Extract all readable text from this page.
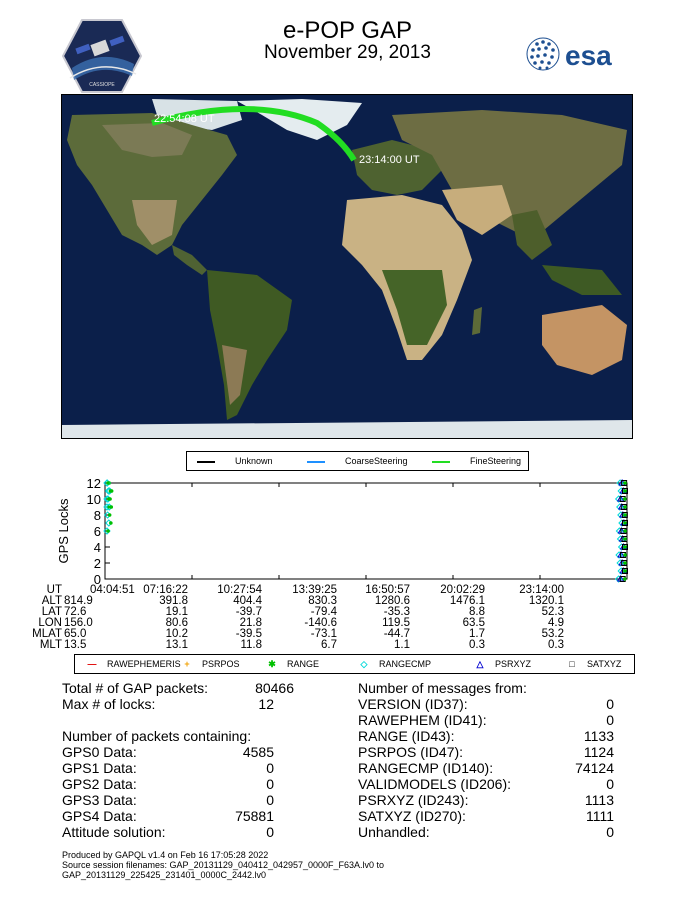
e-POP GAP
November 29, 2013
CASSIOPE
esa
22:54:08 UT
23:14:00 UT
Unknown	CoarseSteering	FineSteering
0
2
4
6
8
10
12
GPS Locks
UT 04:04:51 07:16:22	10:27:54	13:39:25	16:50:57	20:02:29	23:14:00
ALT 814.9	391.8	404.4	830.3	1280.6	1476.1	1320.1
LAT 72.6	19.1	-39.7	-79.4	-35.3	8.8	52.3
LON 156.0	80.6	21.8	-140.6	119.5	63.5	4.9
MLAT 65.0	10.2	-39.5	-73.1	-44.7	1.7	53.2
MLT 13.5	13.1	11.8	6.7	1.1	0.3	0.3
— RAWEPHEMERIS + PSRPOS	✱ RANGE	◇ RANGECMP	△ PSRXYZ	□ SATXYZ
Total # of GAP packets:	80466
Max # of locks:	12
Number of packets containing:
GPS0 Data:	4585
GPS1 Data:	0
GPS2 Data:	0
GPS3 Data:	0
GPS4 Data:	75881
Attitude solution:	0
Number of messages from:
VERSION (ID37):	0
RAWEPHEM (ID41):	0
RANGE (ID43):	1133
PSRPOS (ID47):	1124
RANGECMP (ID140):	74124
VALIDMODELS (ID206):	0
PSRXYZ (ID243):	1113
SATXYZ (ID270):	1111
Unhandled:	0
Produced by GAPQL v1.4 on Feb 16 17:05:28 2022
Source session filenames: GAP_20131129_040412_042957_0000F_F63A.lv0 to
GAP_20131129_225425_231401_0000C_2442.lv0
